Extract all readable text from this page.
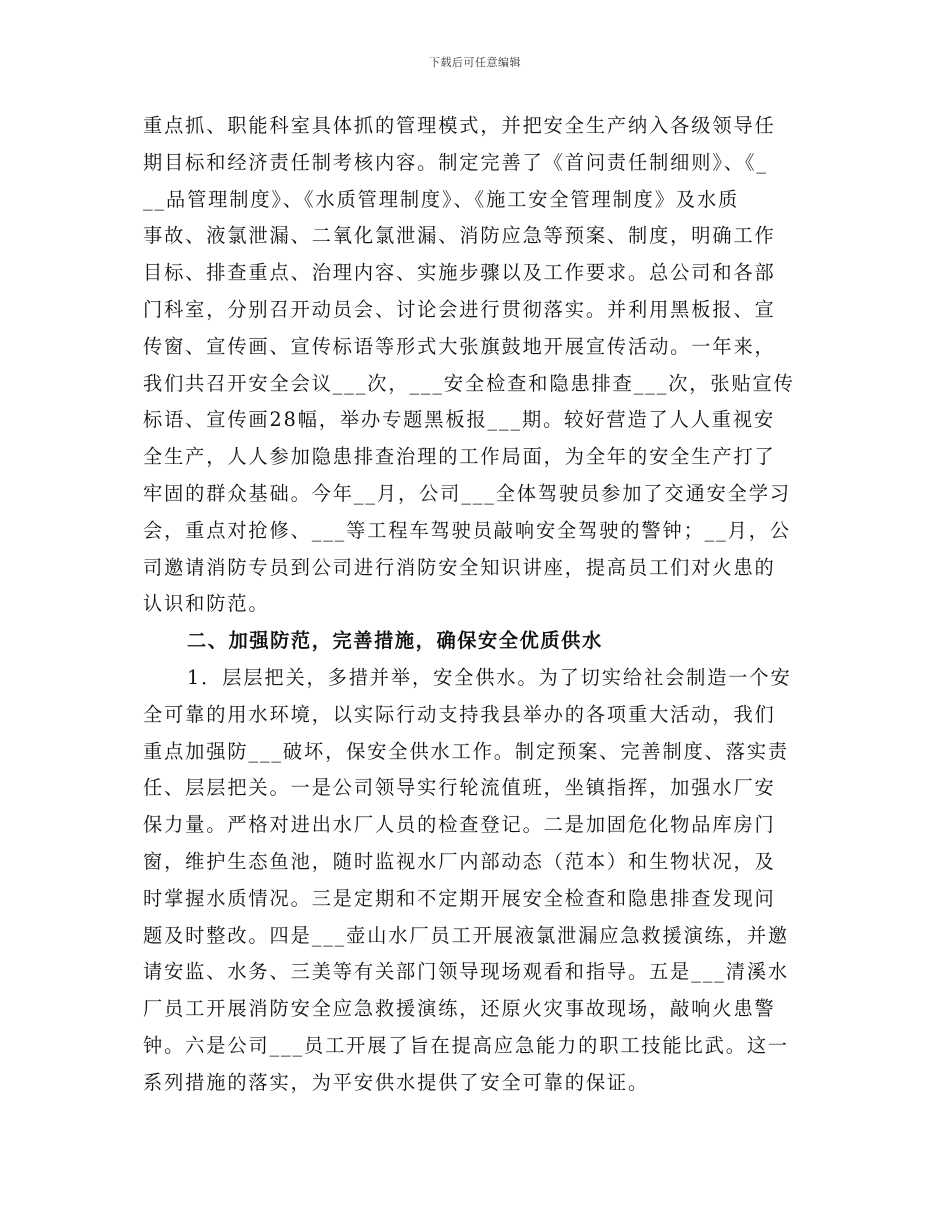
下载后可任意编辑
重点抓、职能科室具体抓的管理模式，并把安全生产纳入各级领导任
期目标和经济责任制考核内容。制定完善了《首问责任制细则》、《_
__品管理制度》、《水质管理制度》、《施工安全管理制度》及水质
事故、液氯泄漏、二氧化氯泄漏、消防应急等预案、制度，明确工作
目标、排查重点、治理内容、实施步骤以及工作要求。总公司和各部
门科室，分别召开动员会、讨论会进行贯彻落实。并利用黑板报、宣
传窗、宣传画、宣传标语等形式大张旗鼓地开展宣传活动。一年来，
我们共召开安全会议___次，___安全检查和隐患排查___次，张贴宣传
标语、宣传画28幅，举办专题黑板报___期。较好营造了人人重视安
全生产，人人参加隐患排查治理的工作局面，为全年的安全生产打了
牢固的群众基础。今年__月，公司___全体驾驶员参加了交通安全学习
会，重点对抢修、___等工程车驾驶员敲响安全驾驶的警钟；__月，公
司邀请消防专员到公司进行消防安全知识讲座，提高员工们对火患的
认识和防范。
二、加强防范，完善措施，确保安全优质供水
1．层层把关，多措并举，安全供水。为了切实给社会制造一个安
全可靠的用水环境，以实际行动支持我县举办的各项重大活动，我们
重点加强防___破坏，保安全供水工作。制定预案、完善制度、落实责
任、层层把关。一是公司领导实行轮流值班，坐镇指挥，加强水厂安
保力量。严格对进出水厂人员的检查登记。二是加固危化物品库房门
窗，维护生态鱼池，随时监视水厂内部动态（范本）和生物状况，及
时掌握水质情况。三是定期和不定期开展安全检查和隐患排查发现问
题及时整改。四是___壶山水厂员工开展液氯泄漏应急救援演练，并邀
请安监、水务、三美等有关部门领导现场观看和指导。五是___清溪水
厂员工开展消防安全应急救援演练，还原火灾事故现场，敲响火患警
钟。六是公司___员工开展了旨在提高应急能力的职工技能比武。这一
系列措施的落实，为平安供水提供了安全可靠的保证。
